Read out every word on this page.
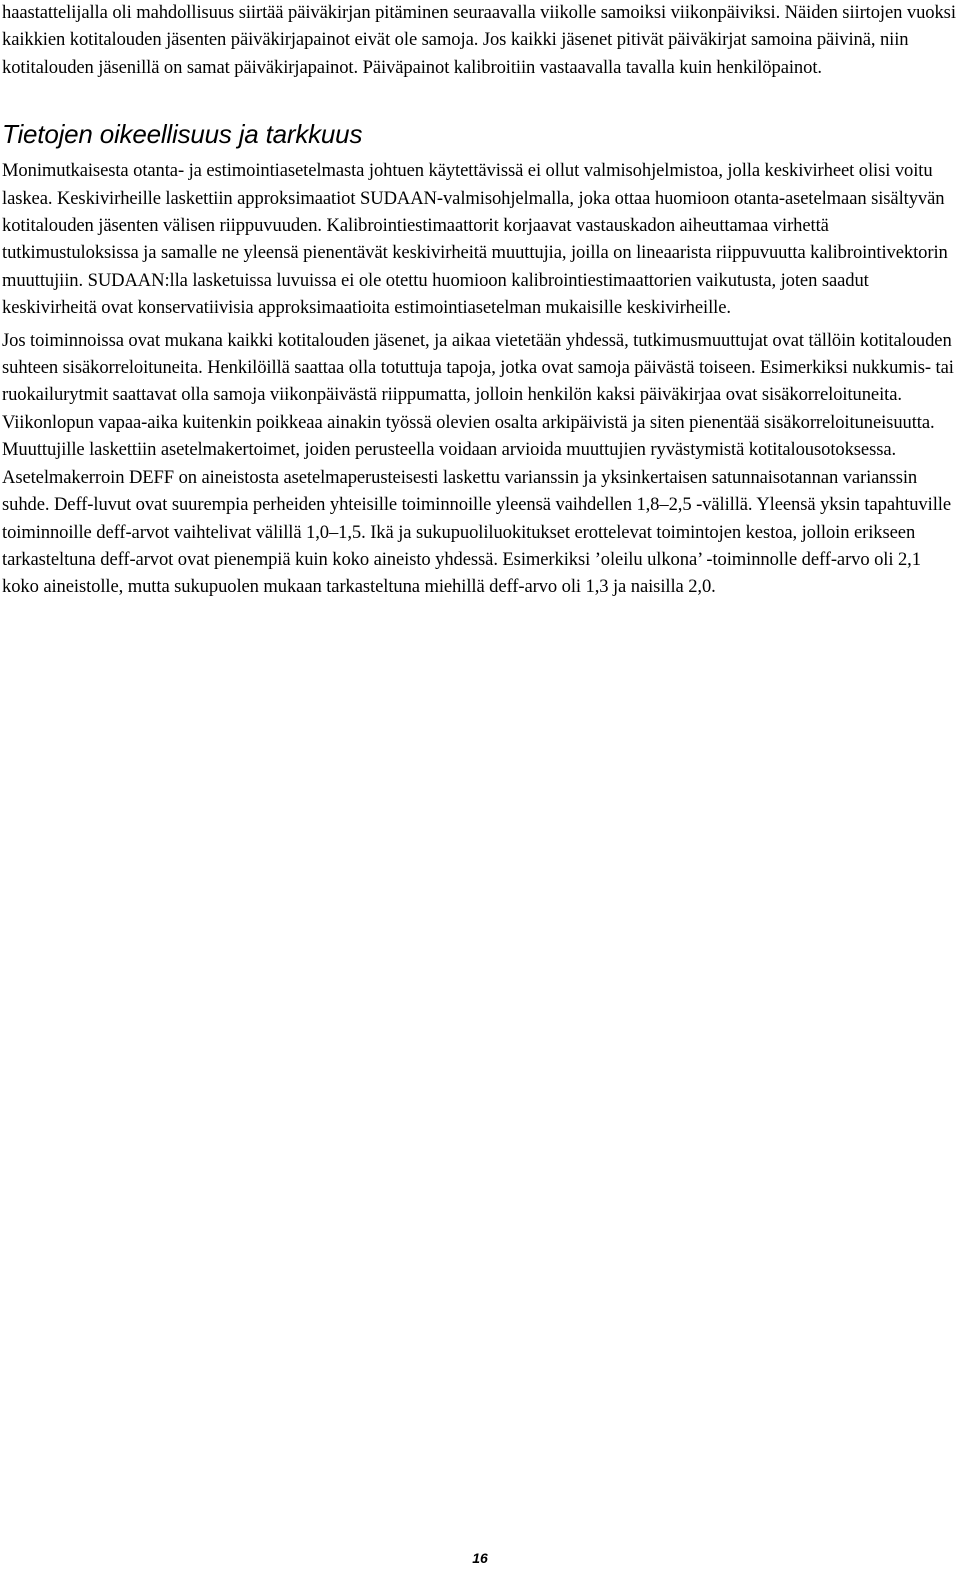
haastattelijalla oli mahdollisuus siirtää päiväkirjan pitäminen seuraavalla viikolle samoiksi viikonpäiviksi. Näiden siirtojen vuoksi kaikkien kotitalouden jäsenten päiväkirjapainot eivät ole samoja. Jos kaikki jäsenet pitivät päiväkirjat samoina päivinä, niin kotitalouden jäsenillä on samat päiväkirjapainot. Päiväpainot kalibroitiin vastaavalla tavalla kuin henkilöpainot.

Tietojen oikeellisuus ja tarkkuus

Monimutkaisesta otanta- ja estimointiasetelmasta johtuen käytettävissä ei ollut valmisohjelmistoa, jolla keskivirheet olisi voitu laskea. Keskivirheille laskettiin approksimaatiot SUDAAN-valmisohjelmalla, joka ottaa huomioon otanta-asetelmaan sisältyvän kotitalouden jäsenten välisen riippuvuuden. Kalibrointiestimaattorit korjaavat vastauskadon aiheuttamaa virhettä tutkimustuloksissa ja samalle ne yleensä pienentävät keskivirheitä muuttujia, joilla on lineaarista riippuvuutta kalibrointivektorin muuttujiin. SUDAAN:lla lasketuissa luvuissa ei ole otettu huomioon kalibrointiestimaattorien vaikutusta, joten saadut keskivirheitä ovat konservatiivisia approksimaatioita estimointiasetelman mukaisille keskivirheille.

Jos toiminnoissa ovat mukana kaikki kotitalouden jäsenet, ja aikaa vietetään yhdessä, tutkimusmuuttujat ovat tällöin kotitalouden suhteen sisäkorreloituneita. Henkilöillä saattaa olla totuttuja tapoja, jotka ovat samoja päivästä toiseen. Esimerkiksi nukkumis- tai ruokailurytmit saattavat olla samoja viikonpäivästä riippumatta, jolloin henkilön kaksi päiväkirjaa ovat sisäkorreloituneita. Viikonlopun vapaa-aika kuitenkin poikkeaa ainakin työssä olevien osalta arkipäivistä ja siten pienentää sisäkorreloituneisuutta. Muuttujille laskettiin asetelmakertoimet, joiden perusteella voidaan arvioida muuttujien ryvästymistä kotitalousotoksessa. Asetelmakerroin DEFF on aineistosta asetelmaperusteisesti laskettu varianssin ja yksinkertaisen satunnaisotannan varianssin suhde. Deff-luvut ovat suurempia perheiden yhteisille toiminnoille yleensä vaihdellen 1,8–2,5 -välillä. Yleensä yksin tapahtuville toiminnoille deff-arvot vaihtelivat välillä 1,0–1,5. Ikä ja sukupuoliluokitukset erottelevat toimintojen kestoa, jolloin erikseen tarkasteltuna deff-arvot ovat pienempiä kuin koko aineisto yhdessä. Esimerkiksi ’oleilu ulkona’ -toiminnolle deff-arvo oli 2,1 koko aineistolle, mutta sukupuolen mukaan tarkasteltuna miehillä deff-arvo oli 1,3 ja naisilla 2,0.

16
